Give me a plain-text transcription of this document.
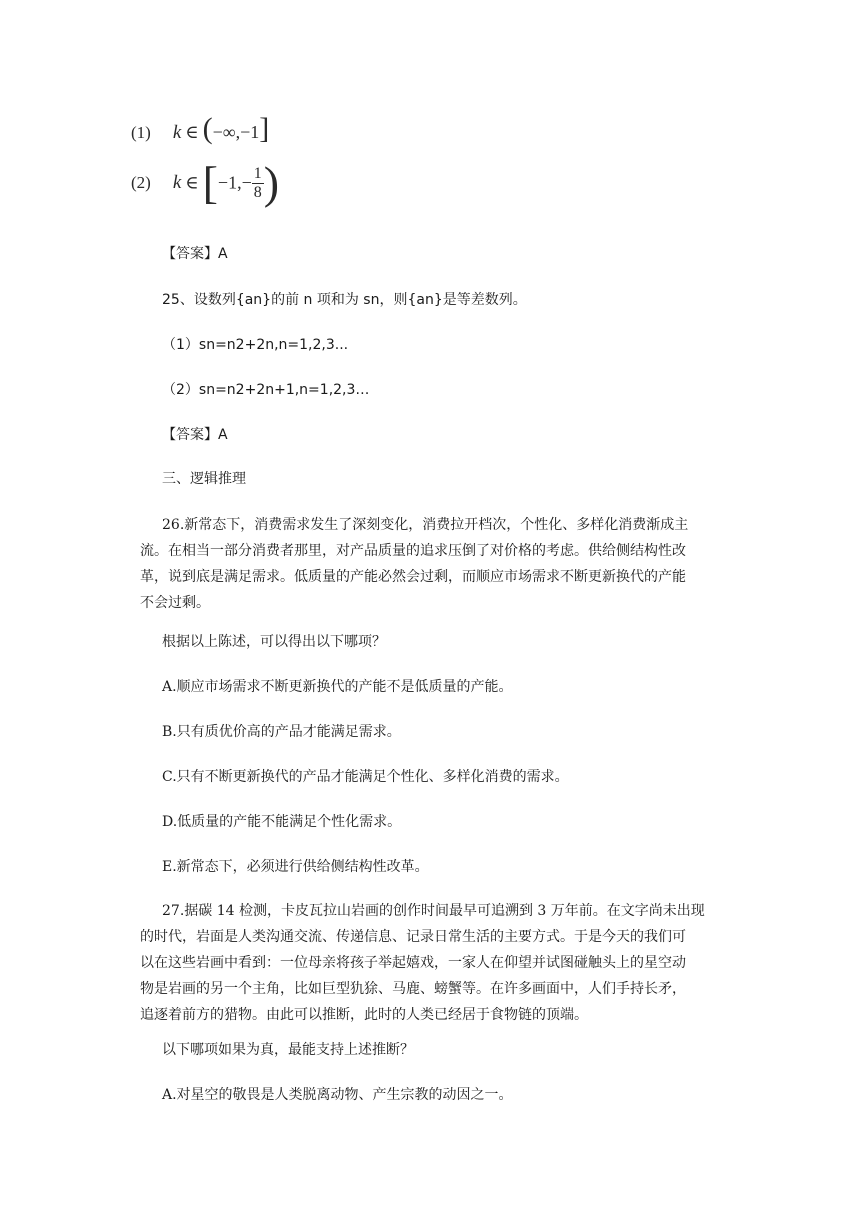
(1) k ∈ (−∞,−1]
(2) k ∈ [$-1,- \frac{1}{8}$ )
【答案】A
25、设数列{an}的前 n 项和为 sn，则{an}是等差数列。
（1）sn=n2+2n,n=1,2,3...
（2）sn=n2+2n+1,n=1,2,3…
【答案】A
三、逻辑推理
26.新常态下，消费需求发生了深刻变化，消费拉开档次，个性化、多样化消费渐成主
流。在相当一部分消费者那里，对产品质量的追求压倒了对价格的考虑。供给侧结构性改
革，说到底是满足需求。低质量的产能必然会过剩，而顺应市场需求不断更新换代的产能
不会过剩。
根据以上陈述，可以得出以下哪项？
A.顺应市场需求不断更新换代的产能不是低质量的产能。
B.只有质优价高的产品才能满足需求。
C.只有不断更新换代的产品才能满足个性化、多样化消费的需求。
D.低质量的产能不能满足个性化需求。
E.新常态下，必须进行供给侧结构性改革。
27.据碳 14 检测，卡皮瓦拉山岩画的创作时间最早可追溯到 3 万年前。在文字尚未出现
的时代，岩面是人类沟通交流、传递信息、记录日常生活的主要方式。于是今天的我们可
以在这些岩画中看到：一位母亲将孩子举起嬉戏，一家人在仰望并试图碰触头上的星空动
物是岩画的另一个主角，比如巨型犰狳、马鹿、螃蟹等。在许多画面中，人们手持长矛，
追逐着前方的猎物。由此可以推断，此时的人类已经居于食物链的顶端。
以下哪项如果为真，最能支持上述推断？
A.对星空的敬畏是人类脱离动物、产生宗教的动因之一。
